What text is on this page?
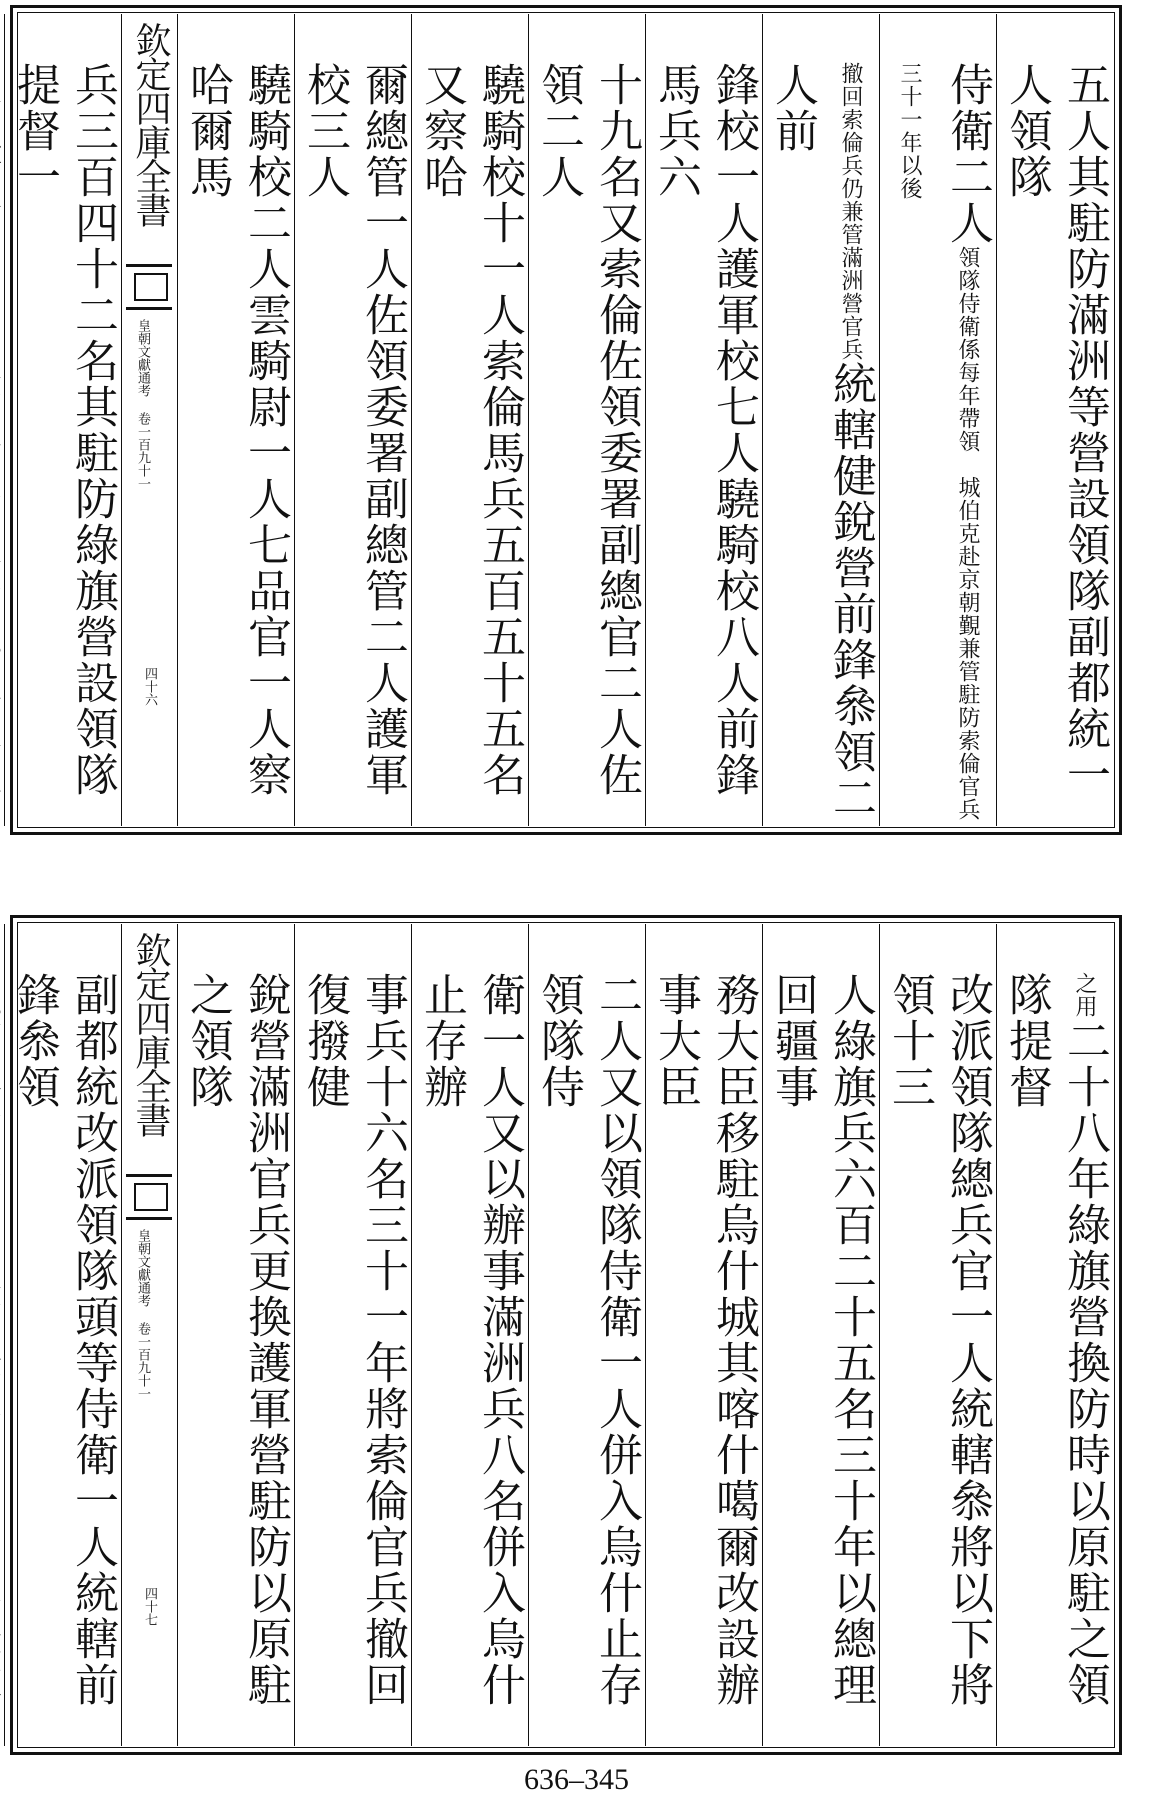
五人其駐防滿洲等營設領隊副都統一人領隊
侍衛二人領隊侍衛係每年帶領　城伯克赴京朝覲兼管駐防索倫官兵三十一年以後
撤回索倫兵仍兼管滿洲營官兵統轄健銳營前鋒叅領二人前
鋒校一人護軍校七人驍騎校八人前鋒馬兵六
十九名又索倫佐領委署副總官二人佐領二人
驍騎校十一人索倫馬兵五百五十五名又察哈
爾總管一人佐領委署副總管二人護軍校三人
驍騎校二人雲騎尉一人七品官一人察哈爾馬
欽定四庫全書
皇朝文獻通考 卷一百九十一
四十六
兵三百四十二名其駐防綠旗營設領隊提督一
之用二十八年綠旗營換防時以原駐之領隊提督
改派領隊總兵官一人統轄叅將以下將領十三
人綠旗兵六百二十五名三十年以總理回疆事
務大臣移駐烏什城其喀什噶爾改設辦事大臣
二人又以領隊侍衛一人併入烏什止存領隊侍
衛一人又以辦事滿洲兵八名併入烏什止存辦
事兵十六名三十一年將索倫官兵撤回復撥健
銳營滿洲官兵更換護軍營駐防以原駐之領隊
欽定四庫全書
皇朝文獻通考 卷一百九十一
四十七
副都統改派領隊頭等侍衛一人統轄前鋒叅領
636–345
